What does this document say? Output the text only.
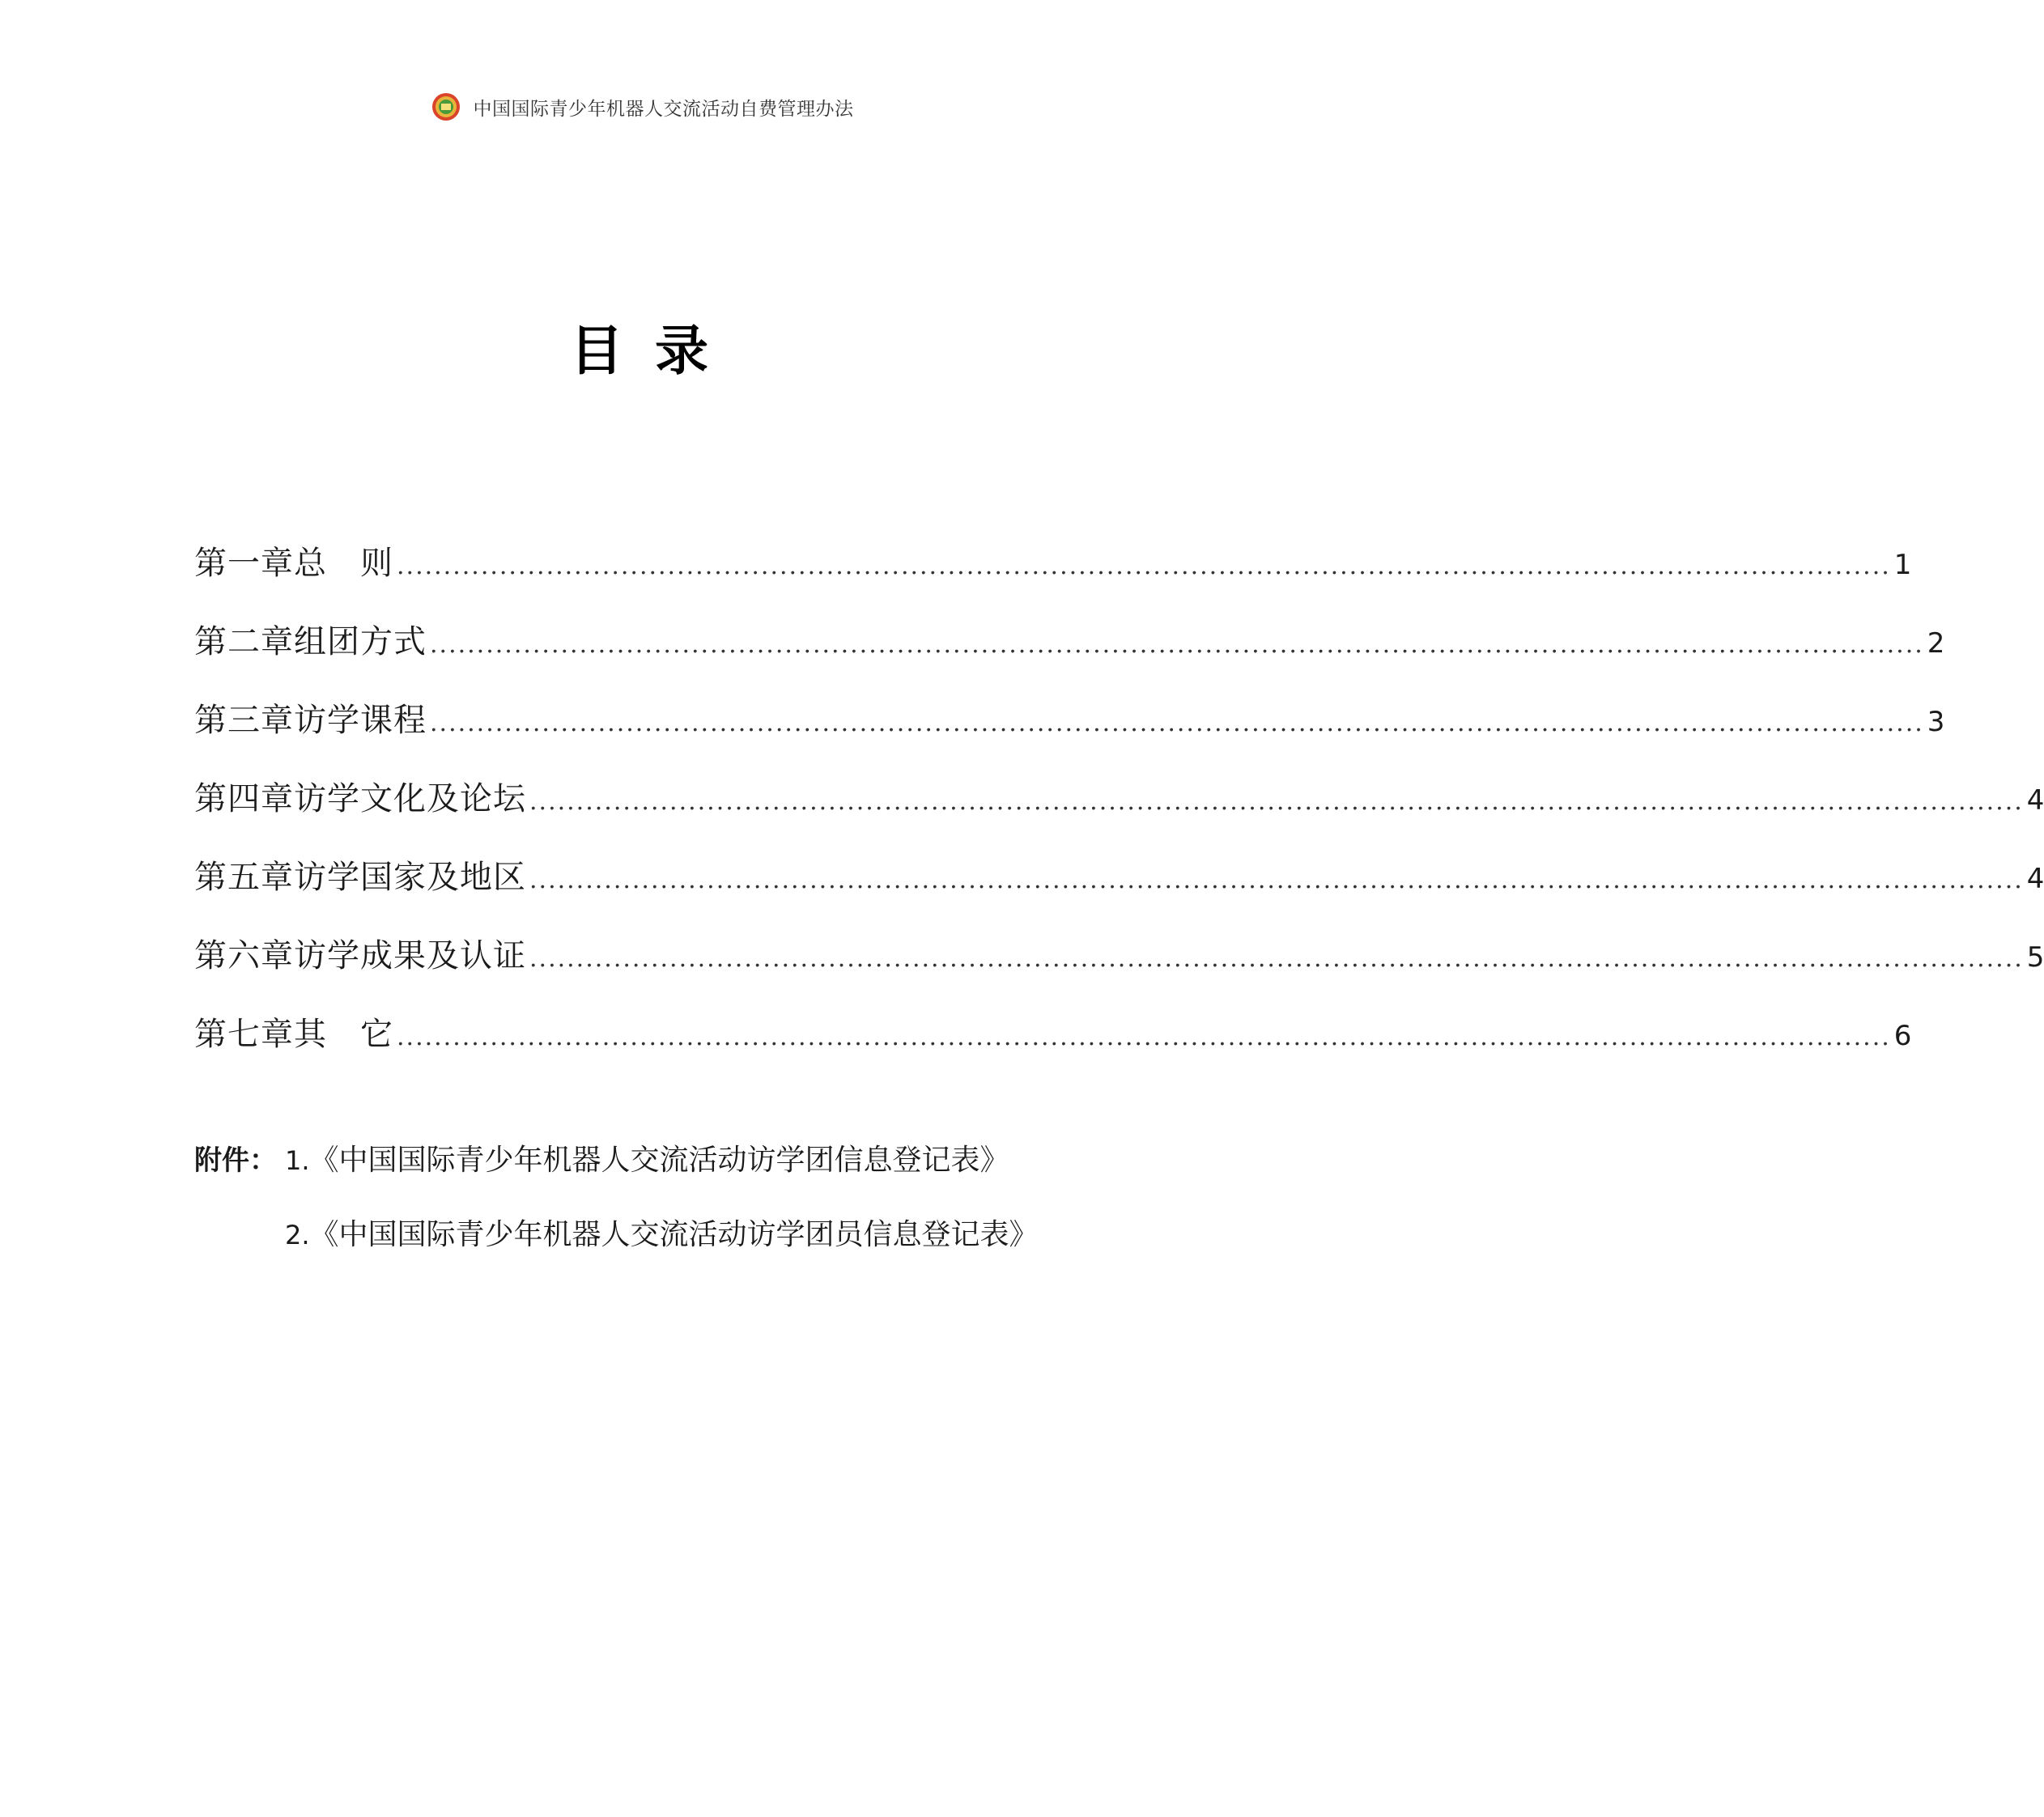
中国国际青少年机器人交流活动自费管理办法
目 录
第一章 总　则 ................................................................................................................................................................ 1
第二章 组团方式 ................................................................................................................................................................ 2
第三章 访学课程 ................................................................................................................................................................ 3
第四章 访学文化及论坛 ................................................................................................................................................................ 4
第五章 访学国家及地区 ................................................................................................................................................................ 4
第六章 访学成果及认证 ................................................................................................................................................................ 5
第七章 其　它 ................................................................................................................................................................ 6
附件： 1. 《中国国际青少年机器人交流活动访学团信息登记表》
2. 《中国国际青少年机器人交流活动访学团员信息登记表》
